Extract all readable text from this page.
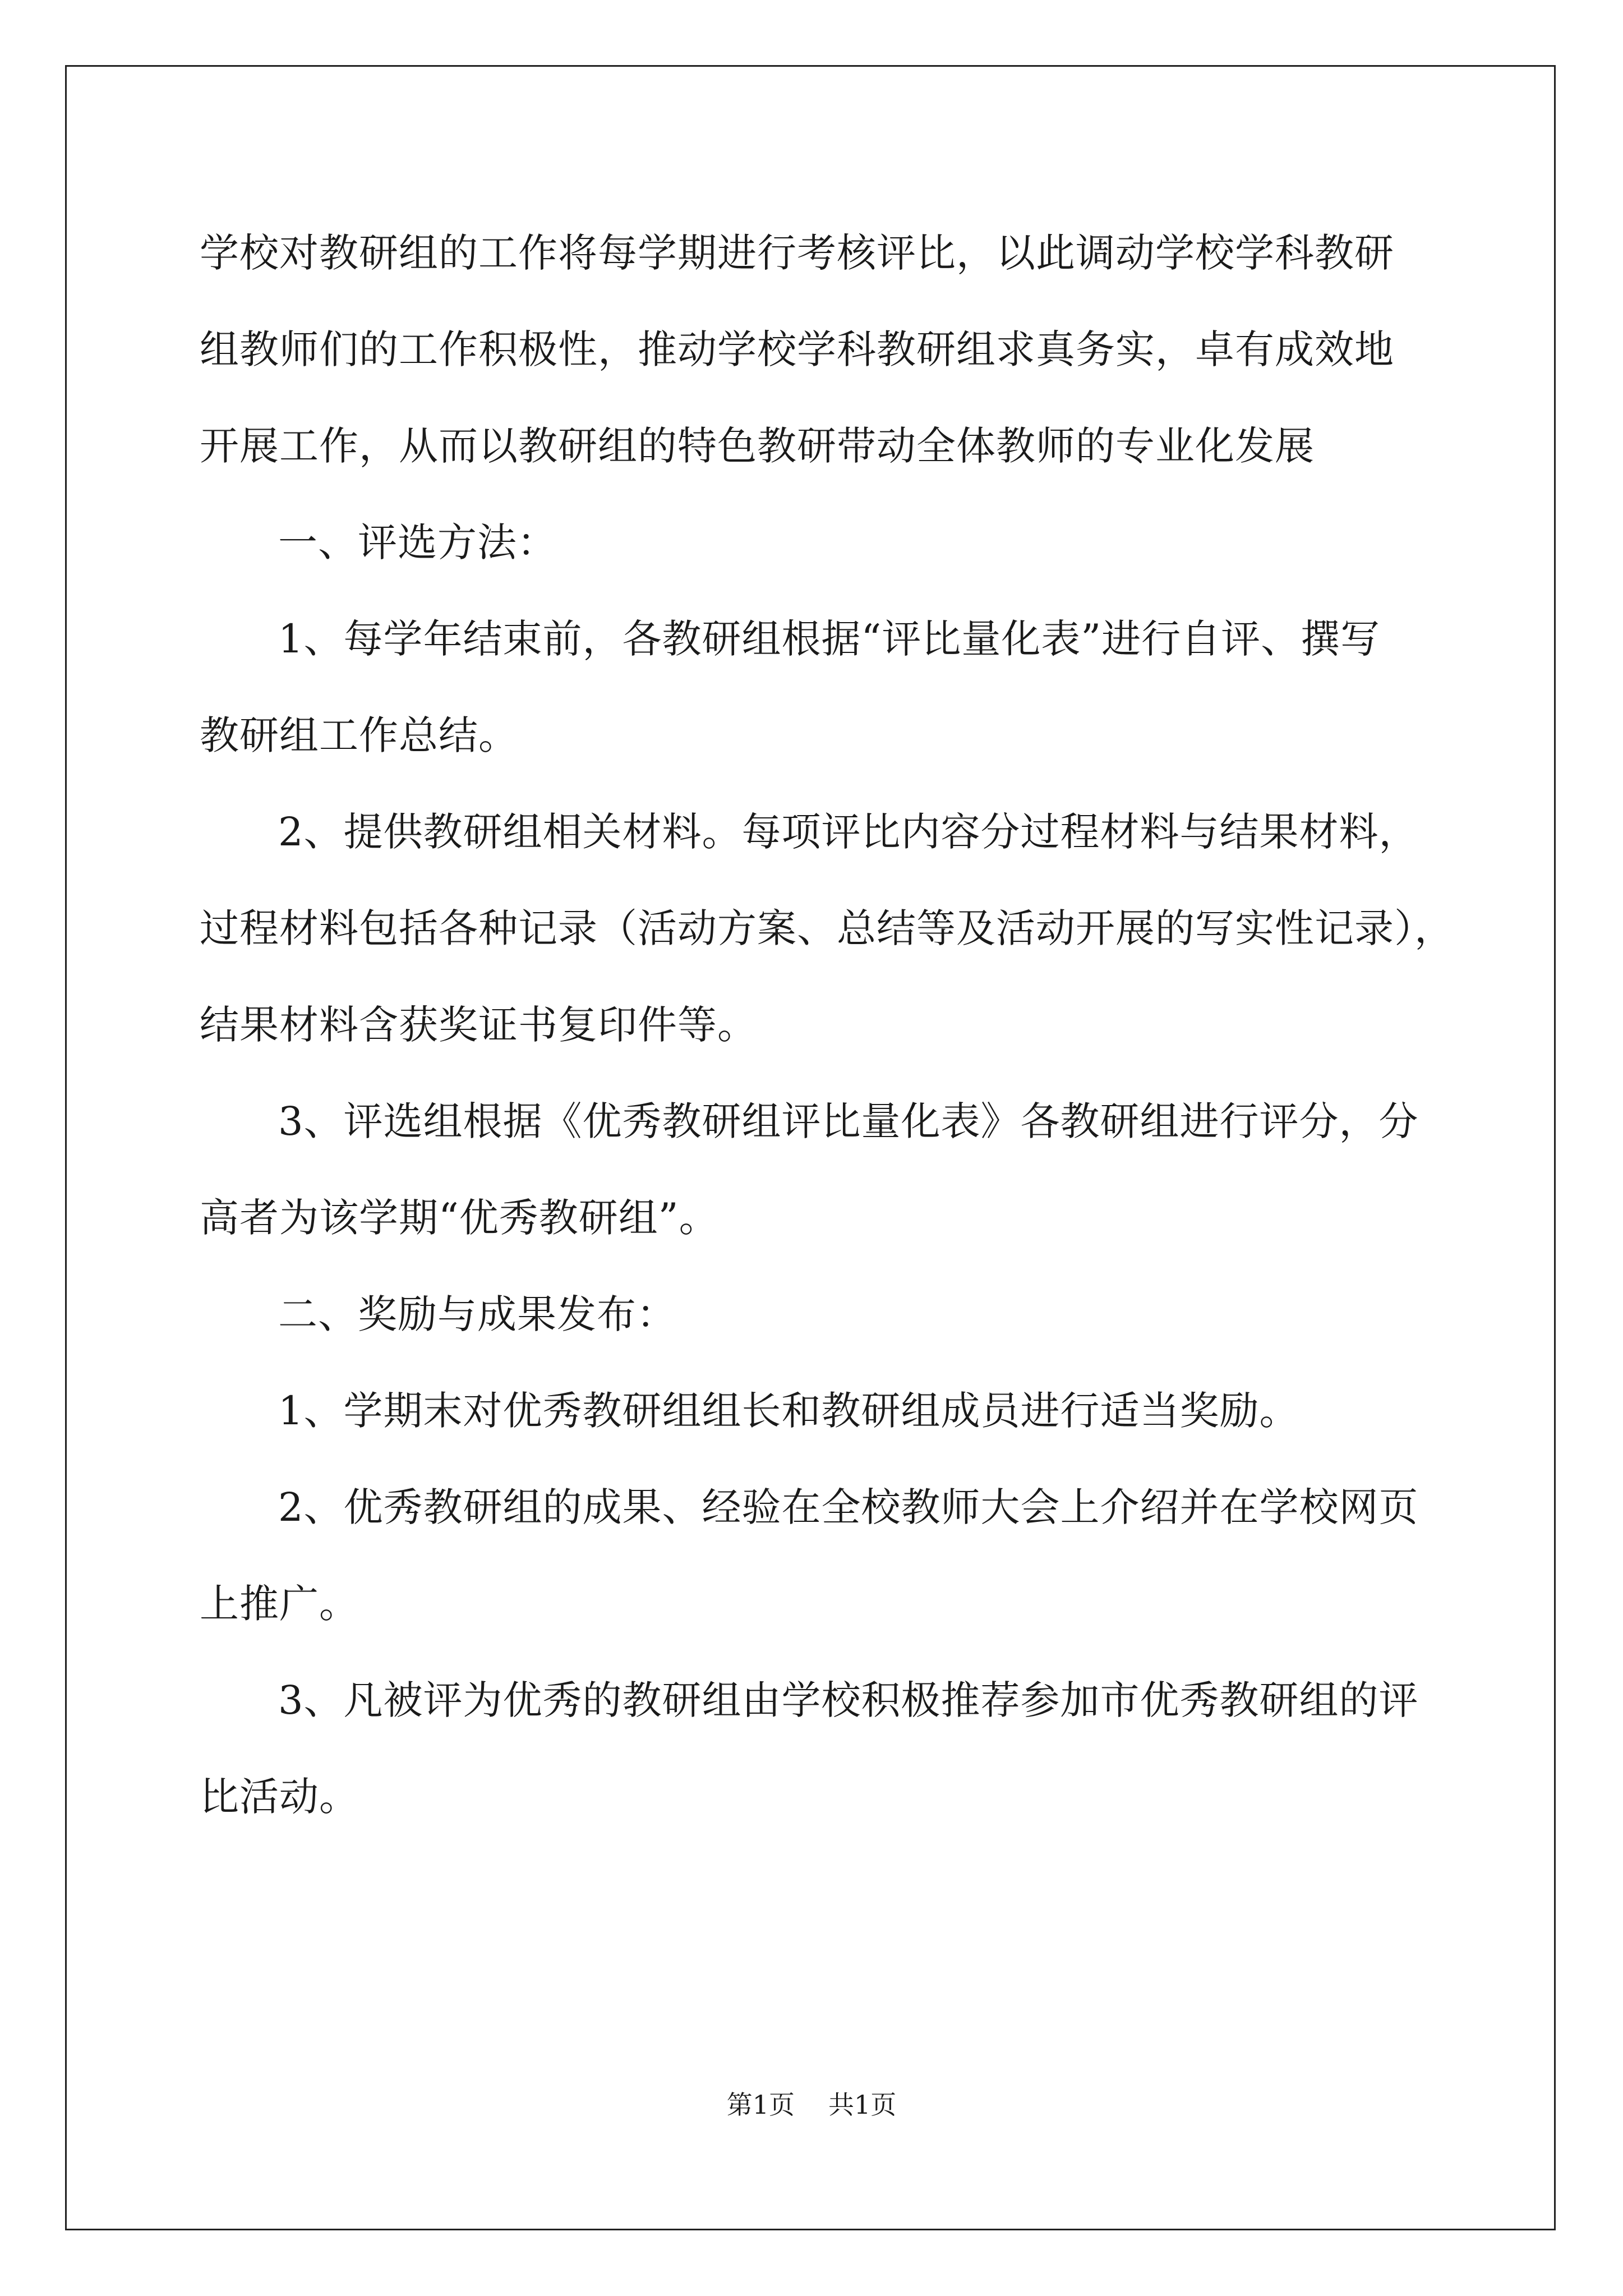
学校对教研组的工作将每学期进行考核评比，以此调动学校学科教研

组教师们的工作积极性，推动学校学科教研组求真务实，卓有成效地

开展工作，从而以教研组的特色教研带动全体教师的专业化发展

一、评选方法：

1、每学年结束前，各教研组根据“评比量化表”进行自评、撰写

教研组工作总结。

2、提供教研组相关材料。每项评比内容分过程材料与结果材料，

过程材料包括各种记录（活动方案、总结等及活动开展的写实性记录），

结果材料含获奖证书复印件等。

3、评选组根据《优秀教研组评比量化表》各教研组进行评分，分

高者为该学期“优秀教研组”。

二、奖励与成果发布：

1、学期末对优秀教研组组长和教研组成员进行适当奖励。

2、优秀教研组的成果、经验在全校教师大会上介绍并在学校网页

上推广。

3、凡被评为优秀的教研组由学校积极推荐参加市优秀教研组的评

比活动。

第1页 共1页
